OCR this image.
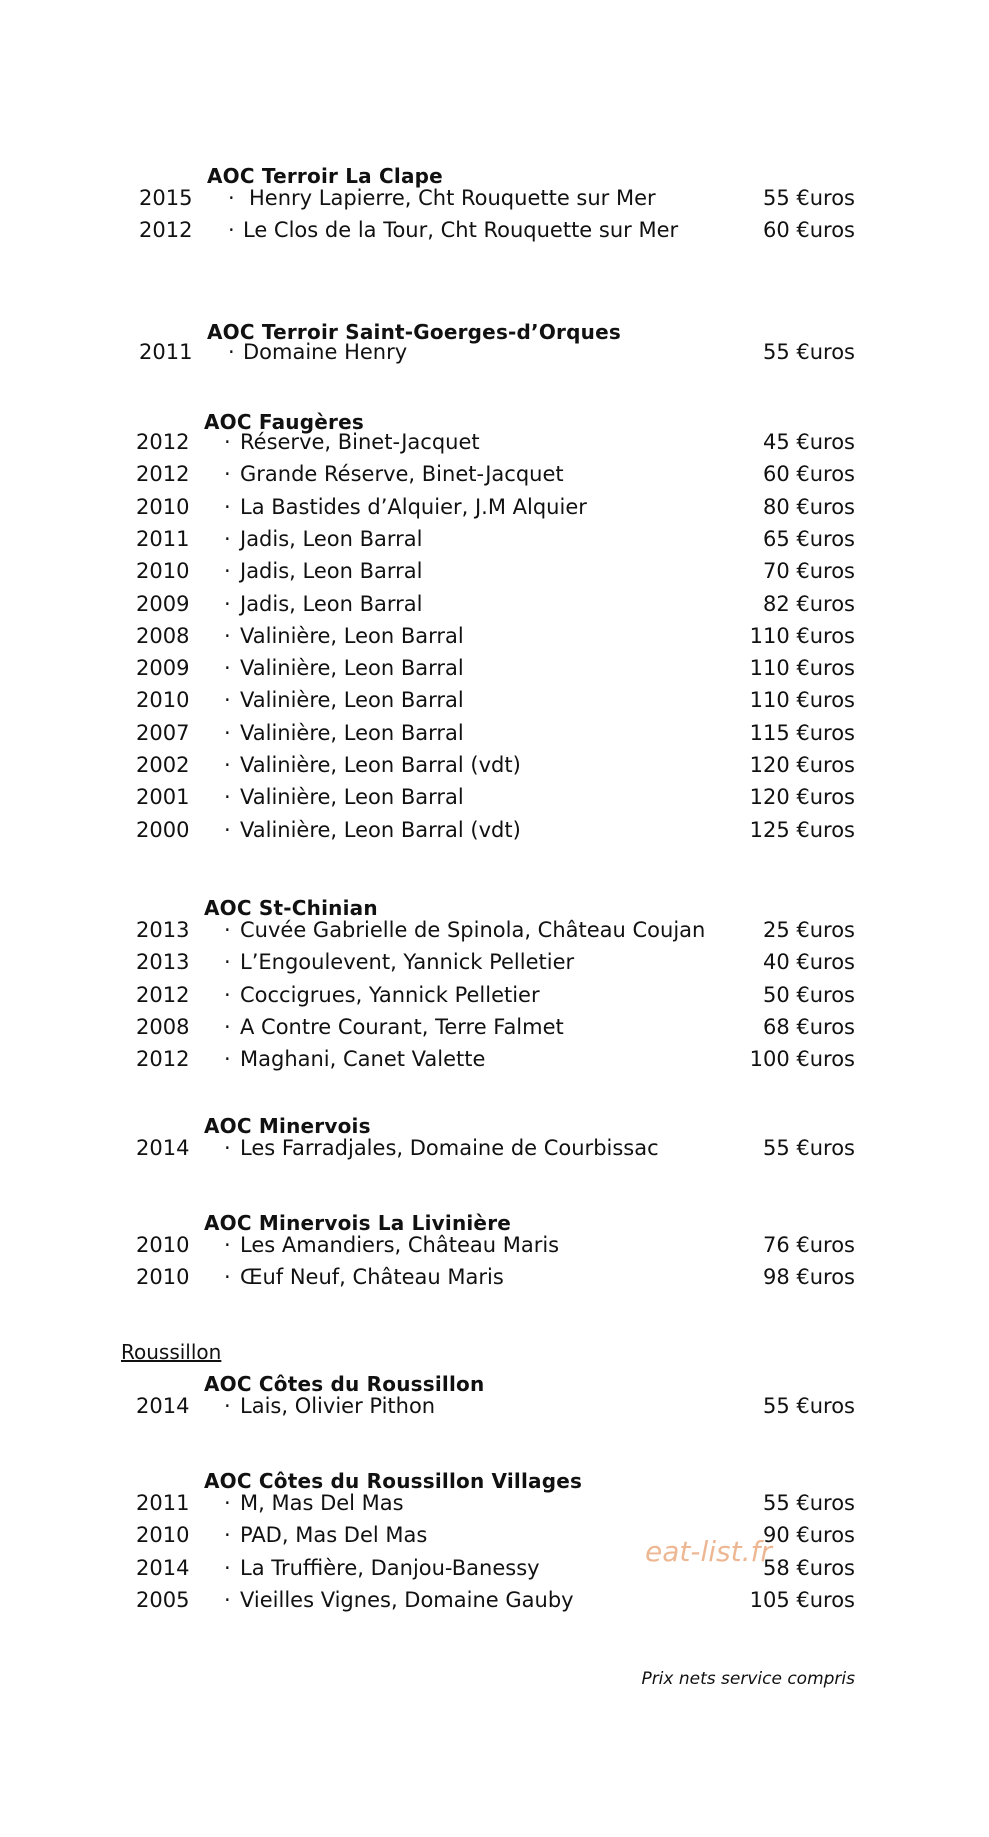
AOC Terroir La Clape
2015 · Henry Lapierre, Cht Rouquette sur Mer	55 €uros
2012 · Le Clos de la Tour, Cht Rouquette sur Mer	60 €uros
AOC Terroir Saint-Goerges-d’Orques
2011 · Domaine Henry	55 €uros
AOC Faugères
2012 · Réserve, Binet-Jacquet	45 €uros
2012 · Grande Réserve, Binet-Jacquet	60 €uros
2010 · La Bastides d’Alquier, J.M Alquier	80 €uros
2011 · Jadis, Leon Barral	65 €uros
2010 · Jadis, Leon Barral	70 €uros
2009 · Jadis, Leon Barral	82 €uros
2008 · Valinière, Leon Barral	110 €uros
2009 · Valinière, Leon Barral	110 €uros
2010 · Valinière, Leon Barral	110 €uros
2007 · Valinière, Leon Barral	115 €uros
2002 · Valinière, Leon Barral (vdt)	120 €uros
2001 · Valinière, Leon Barral	120 €uros
2000 · Valinière, Leon Barral (vdt)	125 €uros
AOC St-Chinian
2013 · Cuvée Gabrielle de Spinola, Château Coujan	25 €uros
2013 · L’Engoulevent, Yannick Pelletier	40 €uros
2012 · Coccigrues, Yannick Pelletier	50 €uros
2008 · A Contre Courant, Terre Falmet	68 €uros
2012 · Maghani, Canet Valette	100 €uros
AOC Minervois
2014 · Les Farradjales, Domaine de Courbissac	55 €uros
AOC Minervois La Livinière
2010 · Les Amandiers, Château Maris	76 €uros
2010 · Œuf Neuf, Château Maris	98 €uros
Roussillon
AOC Côtes du Roussillon
2014 · Lais, Olivier Pithon	55 €uros
AOC Côtes du Roussillon Villages
2011 · M, Mas Del Mas	55 €uros
2010 · PAD, Mas Del Mas	90 €uros
2014 · La Truffière, Danjou-Banessy	58 €uros
2005 · Vieilles Vignes, Domaine Gauby	105 €uros
eat-list.fr
Prix nets service compris
